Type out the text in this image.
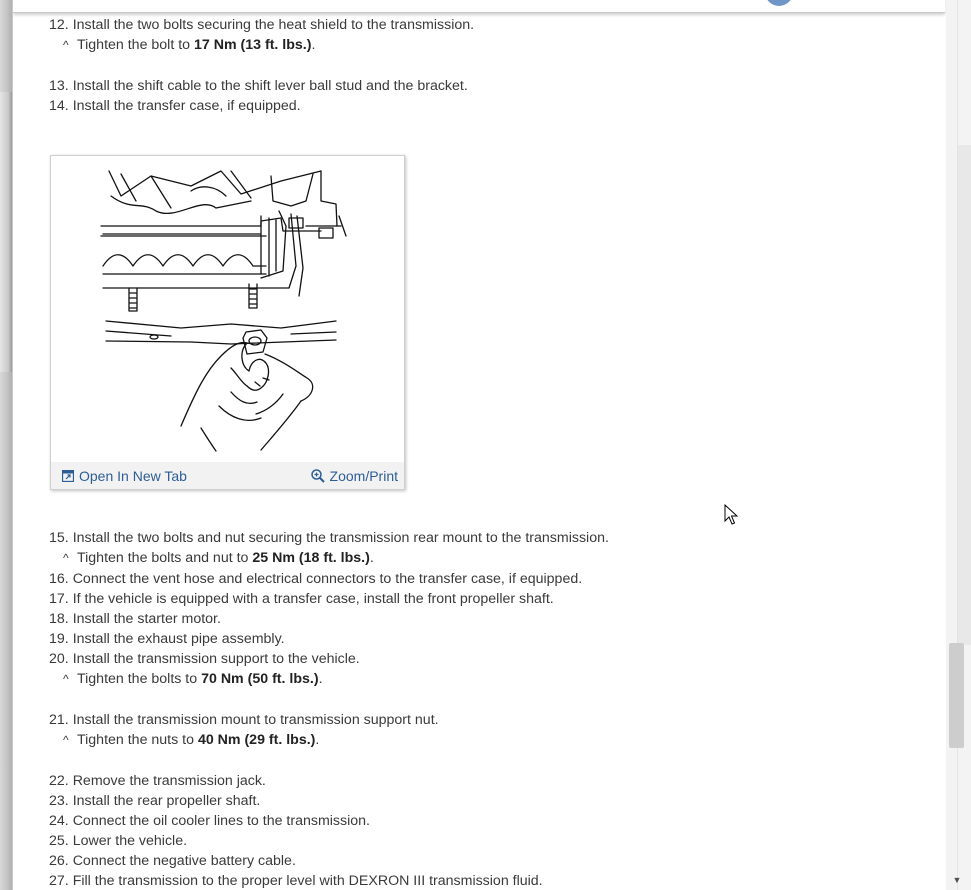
12. Install the two bolts securing the heat shield to the transmission.
^ Tighten the bolt to 17 Nm (13 ft. lbs.).
13. Install the shift cable to the shift lever ball stud and the bracket.
14. Install the transfer case, if equipped.
Open In New Tab	Zoom/Print
15. Install the two bolts and nut securing the transmission rear mount to the transmission.
^ Tighten the bolts and nut to 25 Nm (18 ft. lbs.).
16. Connect the vent hose and electrical connectors to the transfer case, if equipped.
17. If the vehicle is equipped with a transfer case, install the front propeller shaft.
18. Install the starter motor.
19. Install the exhaust pipe assembly.
20. Install the transmission support to the vehicle.
^ Tighten the bolts to 70 Nm (50 ft. lbs.).
21. Install the transmission mount to transmission support nut.
^ Tighten the nuts to 40 Nm (29 ft. lbs.).
22. Remove the transmission jack.
23. Install the rear propeller shaft.
24. Connect the oil cooler lines to the transmission.
25. Lower the vehicle.
26. Connect the negative battery cable.
27. Fill the transmission to the proper level with DEXRON III transmission fluid.	▼
